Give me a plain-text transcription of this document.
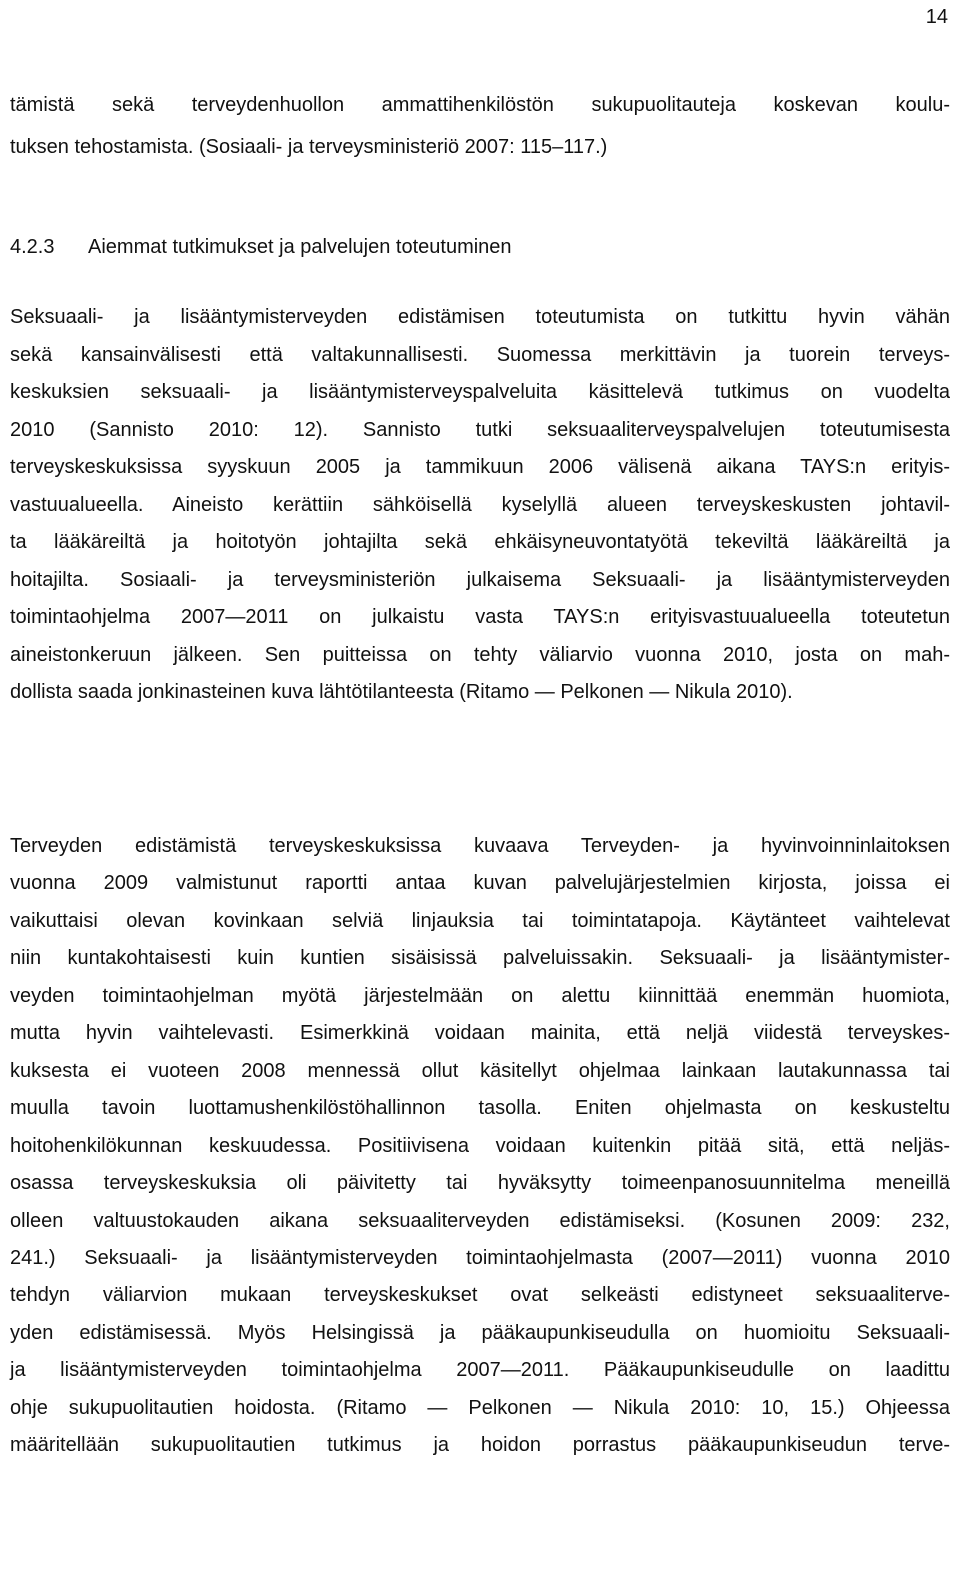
14
tämistä sekä terveydenhuollon ammattihenkilöstön sukupuolitauteja koskevan koulu-
tuksen tehostamista. (Sosiaali- ja terveysministeriö 2007: 115–117.)
4.2.3 Aiemmat tutkimukset ja palvelujen toteutuminen
Seksuaali- ja lisääntymisterveyden edistämisen toteutumista on tutkittu hyvin vähän
sekä kansainvälisesti että valtakunnallisesti. Suomessa merkittävin ja tuorein terveys-
keskuksien seksuaali- ja lisääntymisterveyspalveluita käsittelevä tutkimus on vuodelta
2010 (Sannisto 2010: 12). Sannisto tutki seksuaaliterveyspalvelujen toteutumisesta
terveyskeskuksissa syyskuun 2005 ja tammikuun 2006 välisenä aikana TAYS:n erityis-
vastuualueella. Aineisto kerättiin sähköisellä kyselyllä alueen terveyskeskusten johtavil-
ta lääkäreiltä ja hoitotyön johtajilta sekä ehkäisyneuvontatyötä tekeviltä lääkäreiltä ja
hoitajilta. Sosiaali- ja terveysministeriön julkaisema Seksuaali- ja lisääntymisterveyden
toimintaohjelma 2007—2011 on julkaistu vasta TAYS:n erityisvastuualueella toteutetun
aineistonkeruun jälkeen. Sen puitteissa on tehty väliarvio vuonna 2010, josta on mah-
dollista saada jonkinasteinen kuva lähtötilanteesta (Ritamo — Pelkonen — Nikula 2010).
Terveyden edistämistä terveyskeskuksissa kuvaava Terveyden- ja hyvinvoinninlaitoksen
vuonna 2009 valmistunut raportti antaa kuvan palvelujärjestelmien kirjosta, joissa ei
vaikuttaisi olevan kovinkaan selviä linjauksia tai toimintatapoja. Käytänteet vaihtelevat
niin kuntakohtaisesti kuin kuntien sisäisissä palveluissakin. Seksuaali- ja lisääntymister-
veyden toimintaohjelman myötä järjestelmään on alettu kiinnittää enemmän huomiota,
mutta hyvin vaihtelevasti. Esimerkkinä voidaan mainita, että neljä viidestä terveyskes-
kuksesta ei vuoteen 2008 mennessä ollut käsitellyt ohjelmaa lainkaan lautakunnassa tai
muulla tavoin luottamushenkilöstöhallinnon tasolla. Eniten ohjelmasta on keskusteltu
hoitohenkilökunnan keskuudessa. Positiivisena voidaan kuitenkin pitää sitä, että neljäs-
osassa terveyskeskuksia oli päivitetty tai hyväksytty toimeenpanosuunnitelma meneillä
olleen valtuustokauden aikana seksuaaliterveyden edistämiseksi. (Kosunen 2009: 232,
241.) Seksuaali- ja lisääntymisterveyden toimintaohjelmasta (2007—2011) vuonna 2010
tehdyn väliarvion mukaan terveyskeskukset ovat selkeästi edistyneet seksuaaliterve-
yden edistämisessä. Myös Helsingissä ja pääkaupunkiseudulla on huomioitu Seksuaali-
ja lisääntymisterveyden toimintaohjelma 2007—2011. Pääkaupunkiseudulle on laadittu
ohje sukupuolitautien hoidosta. (Ritamo — Pelkonen — Nikula 2010: 10, 15.) Ohjeessa
määritellään sukupuolitautien tutkimus ja hoidon porrastus pääkaupunkiseudun terve-
